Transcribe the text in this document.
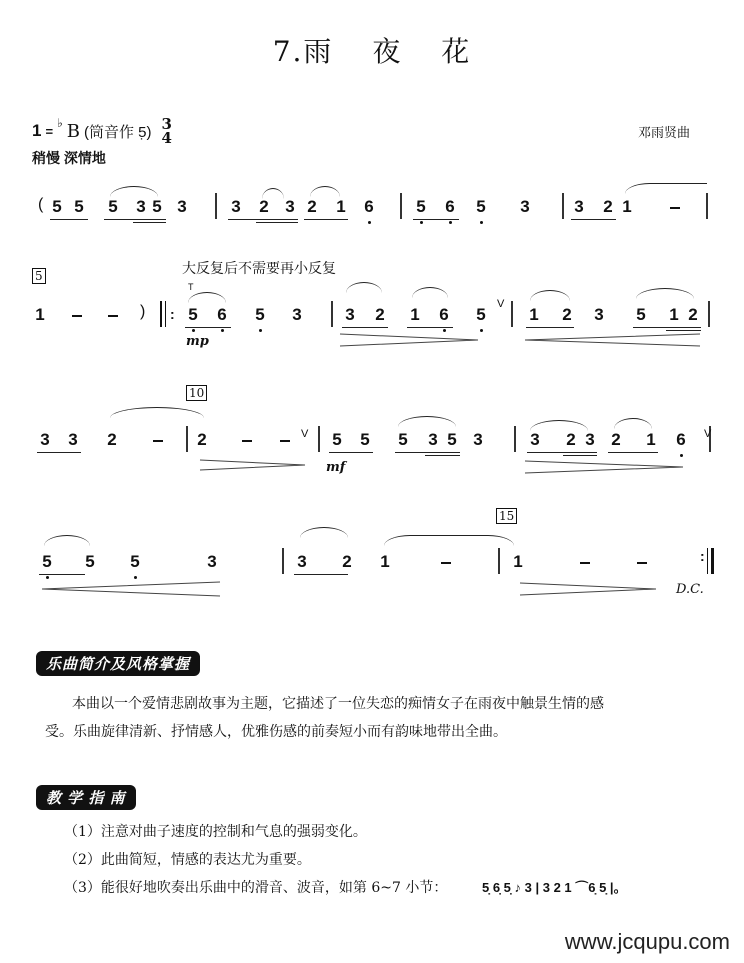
7.雨 夜 花
1 =
♭ B (筒音作 5̣) 3
4	邓雨贤曲
稍慢 深情地
5 5 5 3 5 3	3 2 3 2 1 6	5 6 5 3	3 2 1
(
1	5 6 5 3	3 2 1 6 5	1 2 3 5 1 2
3 3 2	2	5 5 5 3 5 3	3 2 3 2 1 6
5 5 5	3	3 2 1	1
大反复后不需要再小反复
5
10
15
mp
mf
D.C.
:
:
)	V
V	V
T
乐曲简介及风格掌握
本曲以一个爱情悲剧故事为主题，它描述了一位失恋的痴情女子在雨夜中触景生情的感
受。乐曲旋律清新、抒情感人，优雅伤感的前奏短小而有韵味地带出全曲。
教 学 指 南
（1）注意对曲子速度的控制和气息的强弱变化。
（2）此曲简短，情感的表达尤为重要。
（3）能很好地吹奏出乐曲中的滑音、波音，如第 6~7 小节：	5̣ 6̣ 5̣ ♪ 3 | 3 2 1 ⌒6̣ 5̣ |。
www.jcqupu.com
